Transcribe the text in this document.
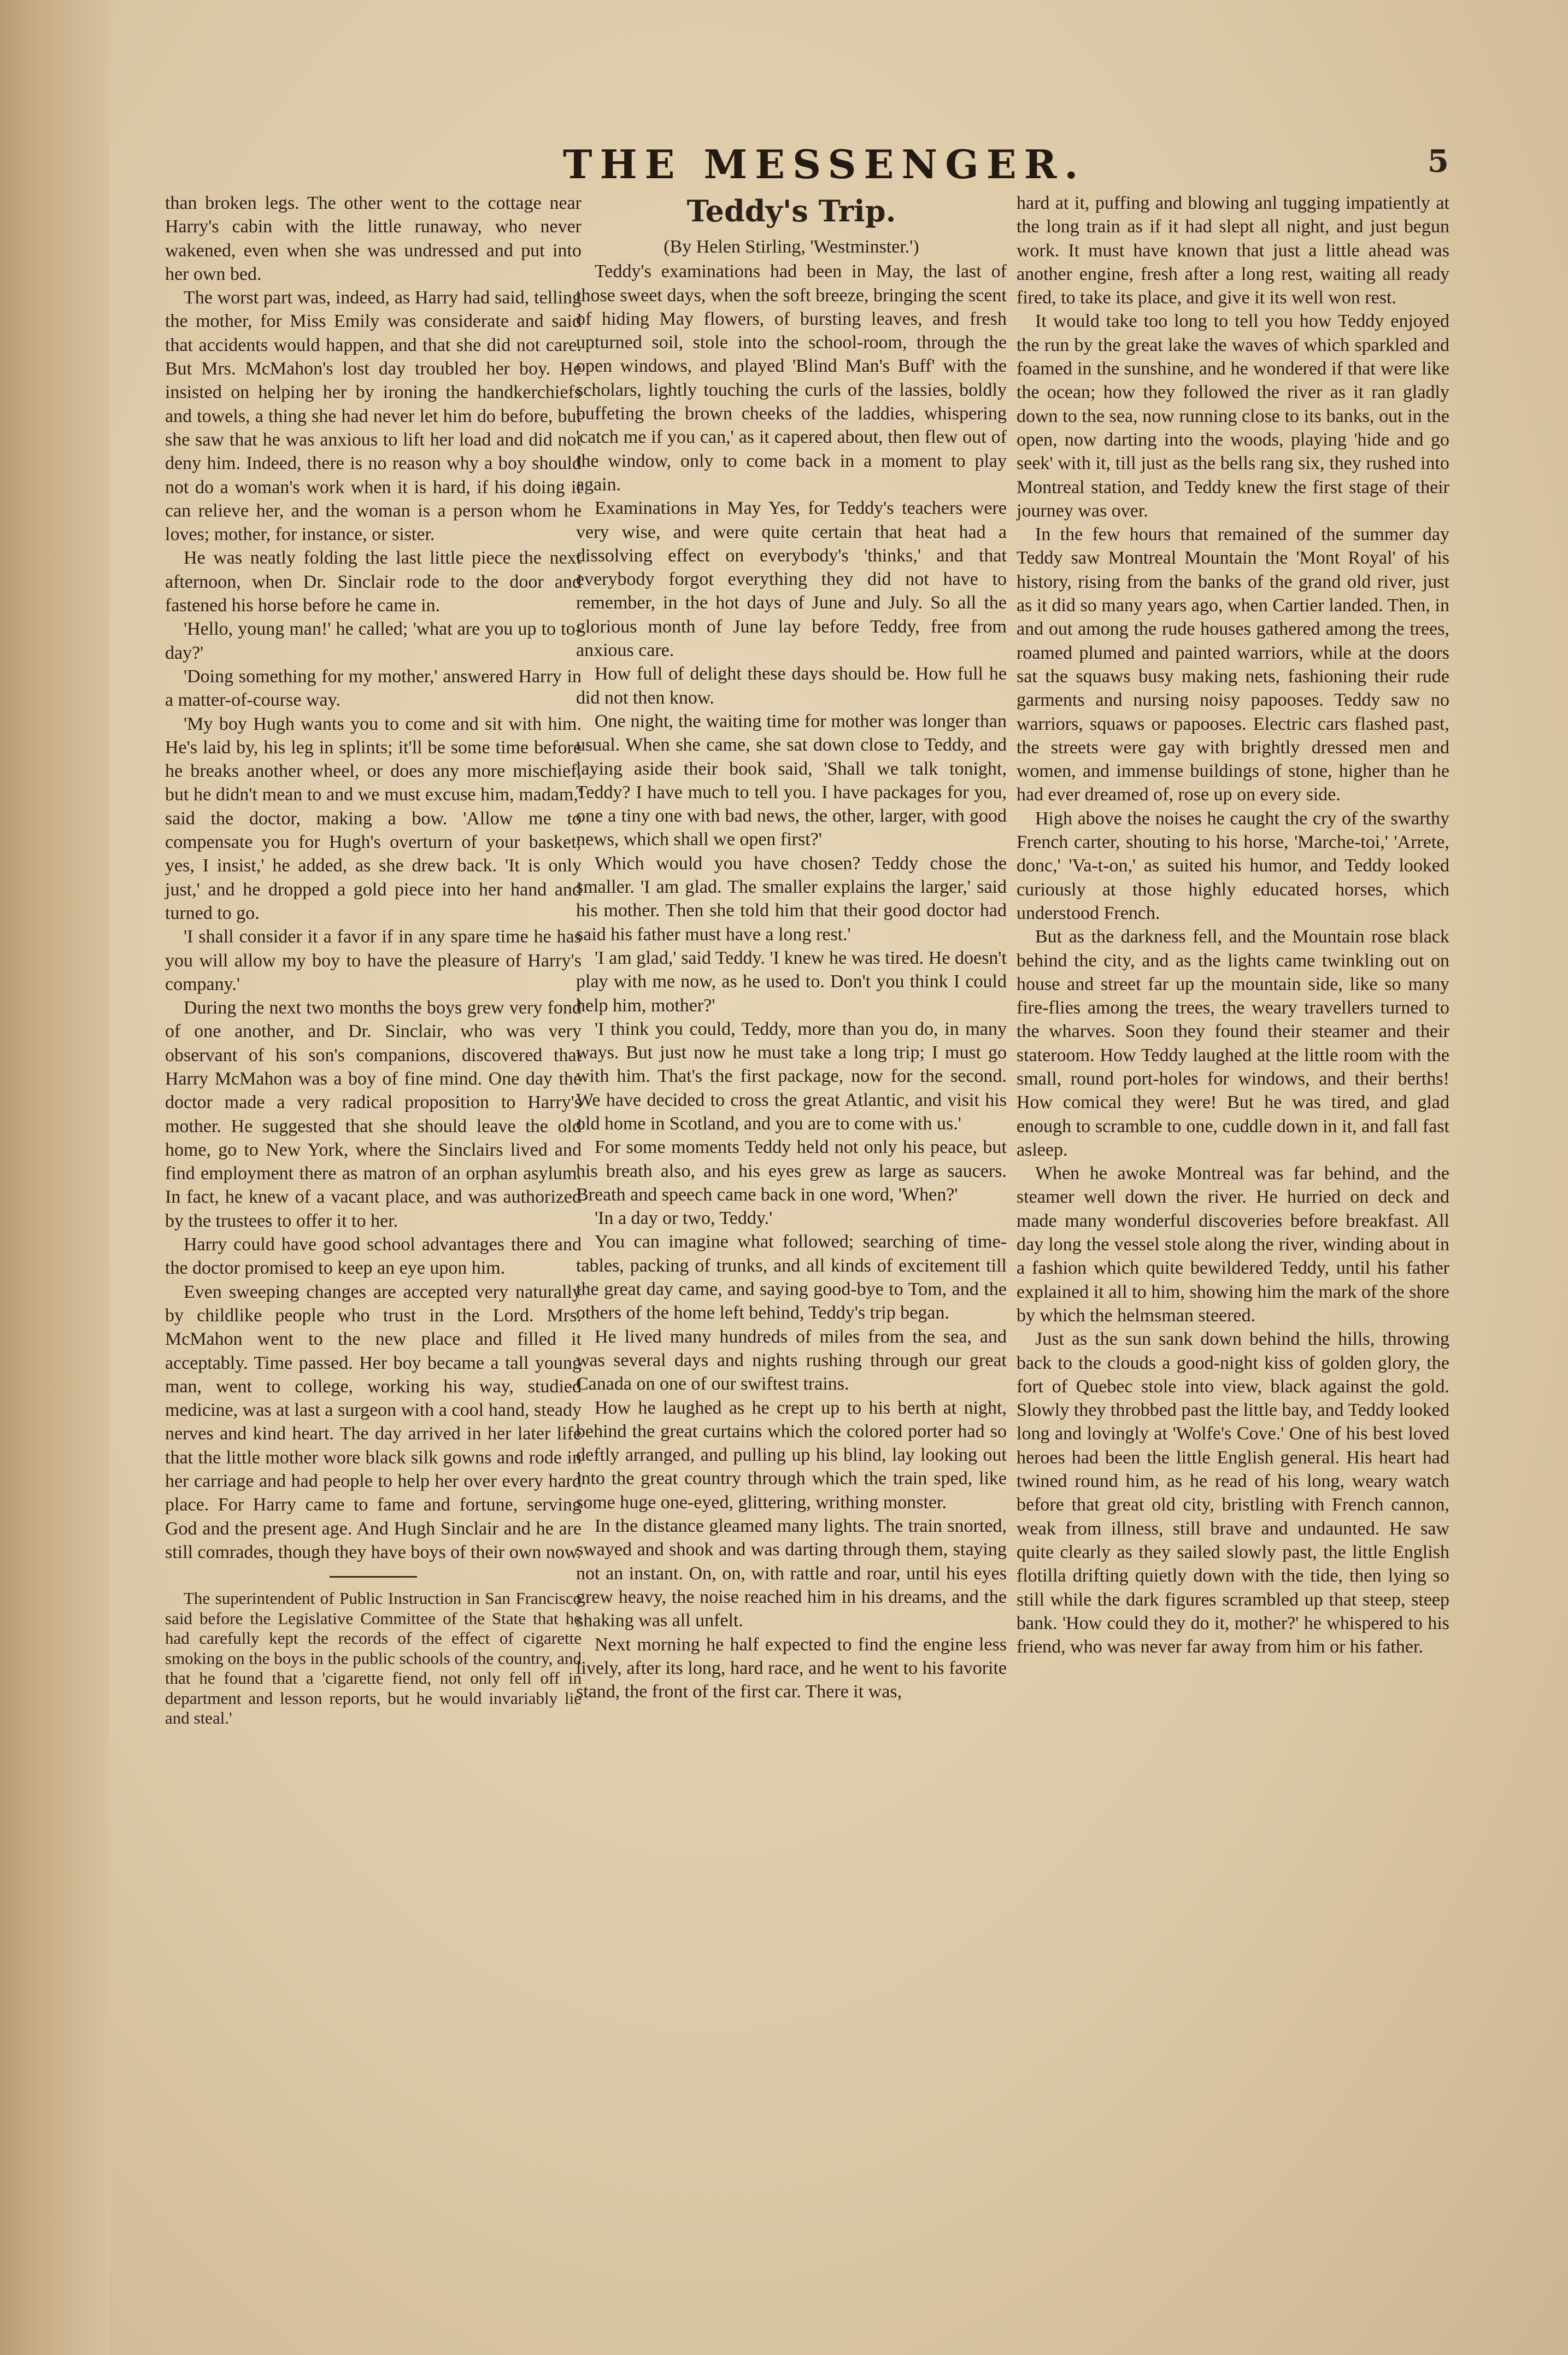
THE MESSENGER.	5

than broken legs. The other went to the cottage near Harry's cabin with the little runaway, who never wakened, even when she was undressed and put into her own bed.

The worst part was, indeed, as Harry had said, telling the mother, for Miss Emily was considerate and said that accidents would happen, and that she did not care. But Mrs. McMahon's lost day troubled her boy. He insisted on helping her by ironing the handkerchiefs and towels, a thing she had never let him do before, but she saw that he was anxious to lift her load and did not deny him. Indeed, there is no reason why a boy should not do a woman's work when it is hard, if his doing it can relieve her, and the woman is a person whom he loves; mother, for instance, or sister.

He was neatly folding the last little piece the next afternoon, when Dr. Sinclair rode to the door and fastened his horse before he came in.

'Hello, young man!' he called; 'what are you up to to-day?'

'Doing something for my mother,' answered Harry in a matter-of-course way.

'My boy Hugh wants you to come and sit with him. He's laid by, his leg in splints; it'll be some time before he breaks another wheel, or does any more mischief, but he didn't mean to and we must excuse him, madam,' said the doctor, making a bow. 'Allow me to compensate you for Hugh's overturn of your basket; yes, I insist,' he added, as she drew back. 'It is only just,' and he dropped a gold piece into her hand and turned to go.

'I shall consider it a favor if in any spare time he has you will allow my boy to have the pleasure of Harry's company.'

During the next two months the boys grew very fond of one another, and Dr. Sinclair, who was very observant of his son's companions, discovered that Harry McMahon was a boy of fine mind. One day the doctor made a very radical proposition to Harry's mother. He suggested that she should leave the old home, go to New York, where the Sinclairs lived and find employment there as matron of an orphan asylum. In fact, he knew of a vacant place, and was authorized by the trustees to offer it to her.

Harry could have good school advantages there and the doctor promised to keep an eye upon him.

Even sweeping changes are accepted very naturally by childlike people who trust in the Lord. Mrs. McMahon went to the new place and filled it acceptably. Time passed. Her boy became a tall young man, went to college, working his way, studied medicine, was at last a surgeon with a cool hand, steady nerves and kind heart. The day arrived in her later life that the little mother wore black silk gowns and rode in her carriage and had people to help her over every hard place. For Harry came to fame and fortune, serving God and the present age. And Hugh Sinclair and he are still comrades, though they have boys of their own now.

The superintendent of Public Instruction in San Francisco said before the Legislative Committee of the State that he had carefully kept the records of the effect of cigarette smoking on the boys in the public schools of the country, and that he found that a 'cigarette fiend, not only fell off in department and lesson reports, but he would invariably lie and steal.'

Teddy's Trip.
(By Helen Stirling, 'Westminster.')

Teddy's examinations had been in May, the last of those sweet days, when the soft breeze, bringing the scent of hiding May flowers, of bursting leaves, and fresh upturned soil, stole into the school-room, through the open windows, and played 'Blind Man's Buff' with the scholars, lightly touching the curls of the lassies, boldly buffeting the brown cheeks of the laddies, whispering 'catch me if you can,' as it capered about, then flew out of the window, only to come back in a moment to play again.

Examinations in May Yes, for Teddy's teachers were very wise, and were quite certain that heat had a dissolving effect on everybody's 'thinks,' and that everybody forgot everything they did not have to remember, in the hot days of June and July. So all the glorious month of June lay before Teddy, free from anxious care.

How full of delight these days should be. How full he did not then know.

One night, the waiting time for mother was longer than usual. When she came, she sat down close to Teddy, and laying aside their book said, 'Shall we talk tonight, Teddy? I have much to tell you. I have packages for you, one a tiny one with bad news, the other, larger, with good news, which shall we open first?'

Which would you have chosen? Teddy chose the smaller. 'I am glad. The smaller explains the larger,' said his mother. Then she told him that their good doctor had said his father must have a long rest.'

'I am glad,' said Teddy. 'I knew he was tired. He doesn't play with me now, as he used to. Don't you think I could help him, mother?'

'I think you could, Teddy, more than you do, in many ways. But just now he must take a long trip; I must go with him. That's the first package, now for the second. We have decided to cross the great Atlantic, and visit his old home in Scotland, and you are to come with us.'

For some moments Teddy held not only his peace, but his breath also, and his eyes grew as large as saucers. Breath and speech came back in one word, 'When?'

'In a day or two, Teddy.'

You can imagine what followed; searching of time-tables, packing of trunks, and all kinds of excitement till the great day came, and saying good-bye to Tom, and the others of the home left behind, Teddy's trip began.

He lived many hundreds of miles from the sea, and was several days and nights rushing through our great Canada on one of our swiftest trains.

How he laughed as he crept up to his berth at night, behind the great curtains which the colored porter had so deftly arranged, and pulling up his blind, lay looking out into the great country through which the train sped, like some huge one-eyed, glittering, writhing monster.

In the distance gleamed many lights. The train snorted, swayed and shook and was darting through them, staying not an instant. On, on, with rattle and roar, until his eyes grew heavy, the noise reached him in his dreams, and the shaking was all unfelt.

Next morning he half expected to find the engine less lively, after its long, hard race, and he went to his favorite stand, the front of the first car. There it was,

hard at it, puffing and blowing anl tugging impatiently at the long train as if it had slept all night, and just begun work. It must have known that just a little ahead was another engine, fresh after a long rest, waiting all ready fired, to take its place, and give it its well won rest.

It would take too long to tell you how Teddy enjoyed the run by the great lake the waves of which sparkled and foamed in the sunshine, and he wondered if that were like the ocean; how they followed the river as it ran gladly down to the sea, now running close to its banks, out in the open, now darting into the woods, playing 'hide and go seek' with it, till just as the bells rang six, they rushed into Montreal station, and Teddy knew the first stage of their journey was over.

In the few hours that remained of the summer day Teddy saw Montreal Mountain the 'Mont Royal' of his history, rising from the banks of the grand old river, just as it did so many years ago, when Cartier landed. Then, in and out among the rude houses gathered among the trees, roamed plumed and painted warriors, while at the doors sat the squaws busy making nets, fashioning their rude garments and nursing noisy papooses. Teddy saw no warriors, squaws or papooses. Electric cars flashed past, the streets were gay with brightly dressed men and women, and immense buildings of stone, higher than he had ever dreamed of, rose up on every side.

High above the noises he caught the cry of the swarthy French carter, shouting to his horse, 'Marche-toi,' 'Arrete, donc,' 'Va-t-on,' as suited his humor, and Teddy looked curiously at those highly educated horses, which understood French.

But as the darkness fell, and the Mountain rose black behind the city, and as the lights came twinkling out on house and street far up the mountain side, like so many fire-flies among the trees, the weary travellers turned to the wharves. Soon they found their steamer and their stateroom. How Teddy laughed at the little room with the small, round port-holes for windows, and their berths! How comical they were! But he was tired, and glad enough to scramble to one, cuddle down in it, and fall fast asleep.

When he awoke Montreal was far behind, and the steamer well down the river. He hurried on deck and made many wonderful discoveries before breakfast. All day long the vessel stole along the river, winding about in a fashion which quite bewildered Teddy, until his father explained it all to him, showing him the mark of the shore by which the helmsman steered.

Just as the sun sank down behind the hills, throwing back to the clouds a good-night kiss of golden glory, the fort of Quebec stole into view, black against the gold. Slowly they throbbed past the little bay, and Teddy looked long and lovingly at 'Wolfe's Cove.' One of his best loved heroes had been the little English general. His heart had twined round him, as he read of his long, weary watch before that great old city, bristling with French cannon, weak from illness, still brave and undaunted. He saw quite clearly as they sailed slowly past, the little English flotilla drifting quietly down with the tide, then lying so still while the dark figures scrambled up that steep, steep bank. 'How could they do it, mother?' he whispered to his friend, who was never far away from him or his father.
